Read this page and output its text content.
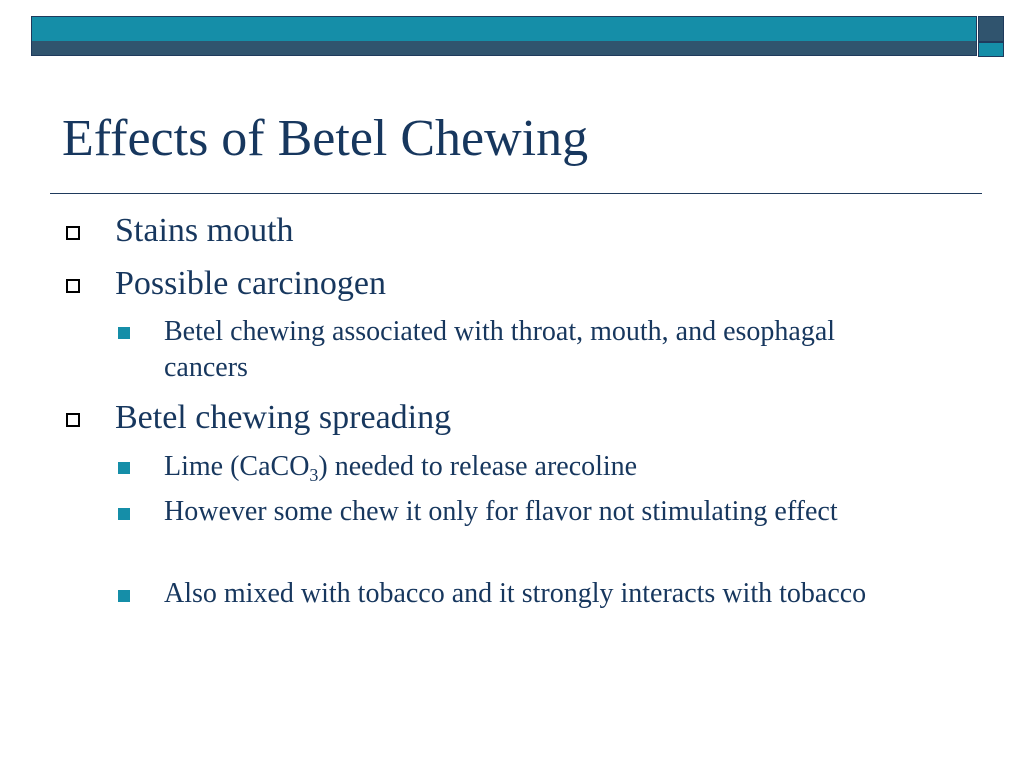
Effects of Betel Chewing
Stains mouth
Possible carcinogen
Betel chewing associated with throat, mouth, and esophagal cancers
Betel chewing spreading
Lime (CaCO$_3$) needed to release arecoline
However some chew it only for flavor not stimulating effect
Also mixed with tobacco and it strongly interacts with tobacco
